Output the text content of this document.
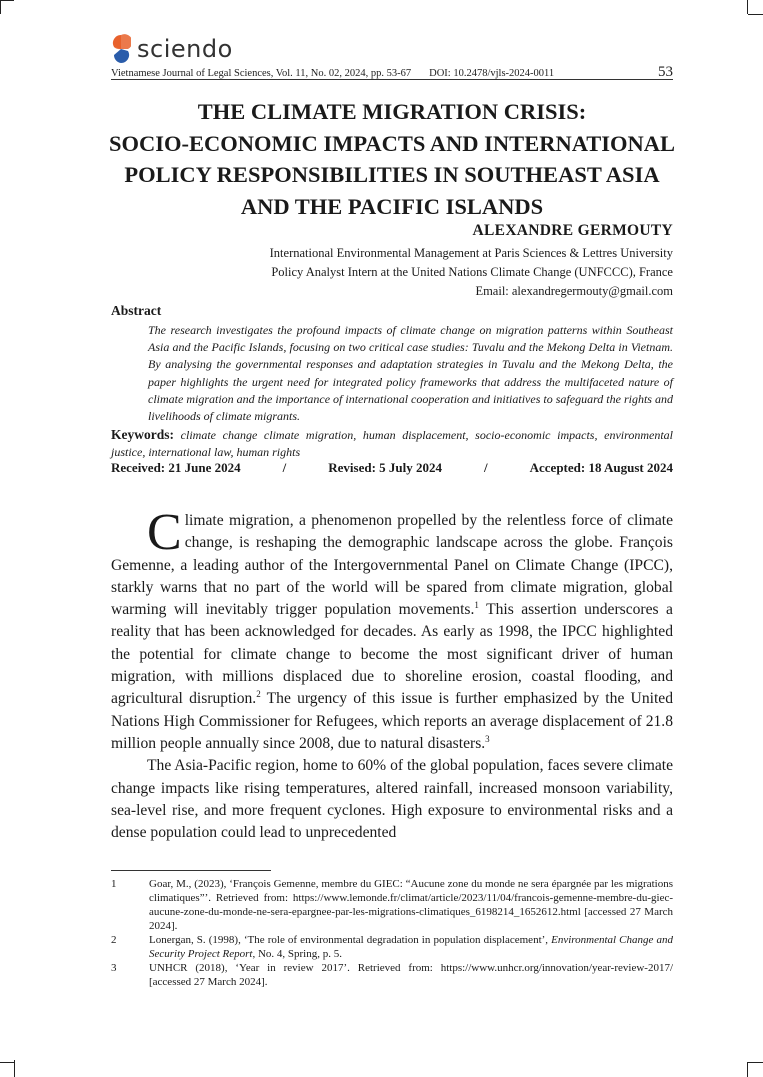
sciendo
Vietnamese Journal of Legal Sciences, Vol. 11, No. 02, 2024, pp. 53-67 DOI: 10.2478/vjls-2024-0011	53
THE CLIMATE MIGRATION CRISIS:
SOCIO-ECONOMIC IMPACTS AND INTERNATIONAL
POLICY RESPONSIBILITIES IN SOUTHEAST ASIA
AND THE PACIFIC ISLANDS
ALEXANDRE GERMOUTY
International Environmental Management at Paris Sciences & Lettres University
Policy Analyst Intern at the United Nations Climate Change (UNFCCC), France
Email: alexandregermouty@gmail.com
Abstract

The research investigates the profound impacts of climate change on migration patterns within Southeast Asia and the Pacific Islands, focusing on two critical case studies: Tuvalu and the Mekong Delta in Vietnam. By analysing the governmental responses and adaptation strategies in Tuvalu and the Mekong Delta, the paper highlights the urgent need for integrated policy frameworks that address the multifaceted nature of climate migration and the importance of international cooperation and initiatives to safeguard the rights and livelihoods of climate migrants.

Keywords: climate change climate migration, human displacement, socio-economic impacts, environmental justice, international law, human rights

Received: 21 June 2024	/	Revised: 5 July 2024	/	Accepted: 18 August 2024

Climate migration, a phenomenon propelled by the relentless force of climate change, is reshaping the demographic landscape across the globe. François Gemenne, a leading author of the Intergovernmental Panel on Climate Change (IPCC), starkly warns that no part of the world will be spared from climate migration, global warming will inevitably trigger population movements.$^1$ This assertion underscores a reality that has been acknowledged for decades. As early as 1998, the IPCC highlighted the potential for climate change to become the most significant driver of human migration, with millions displaced due to shoreline erosion, coastal flooding, and agricultural disruption.$^2$ The urgency of this issue is further emphasized by the United Nations High Commissioner for Refugees, which reports an average displacement of 21.8 million people annually since 2008, due to natural disasters.$^3$

The Asia-Pacific region, home to 60% of the global population, faces severe climate change impacts like rising temperatures, altered rainfall, increased monsoon variability, sea-level rise, and more frequent cyclones. High exposure to environmental risks and a dense population could lead to unprecedented

1	Goar, M., (2023), ‘François Gemenne, membre du GIEC: “Aucune zone du monde ne sera épargnée par les migrations climatiques”’. Retrieved from: https://www.lemonde.fr/climat/article/2023/11/04/francois-gemenne-membre-du-giec-aucune-zone-du-monde-ne-sera-epargnee-par-les-migrations-climatiques_6198214_1652612.html [accessed 27 March 2024].
2	Lonergan, S. (1998), ‘The role of environmental degradation in population displacement’, Environmental Change and Security Project Report, No. 4, Spring, p. 5.
3	UNHCR (2018), ‘Year in review 2017’. Retrieved from: https://www.unhcr.org/innovation/year-review-2017/ [accessed 27 March 2024].
